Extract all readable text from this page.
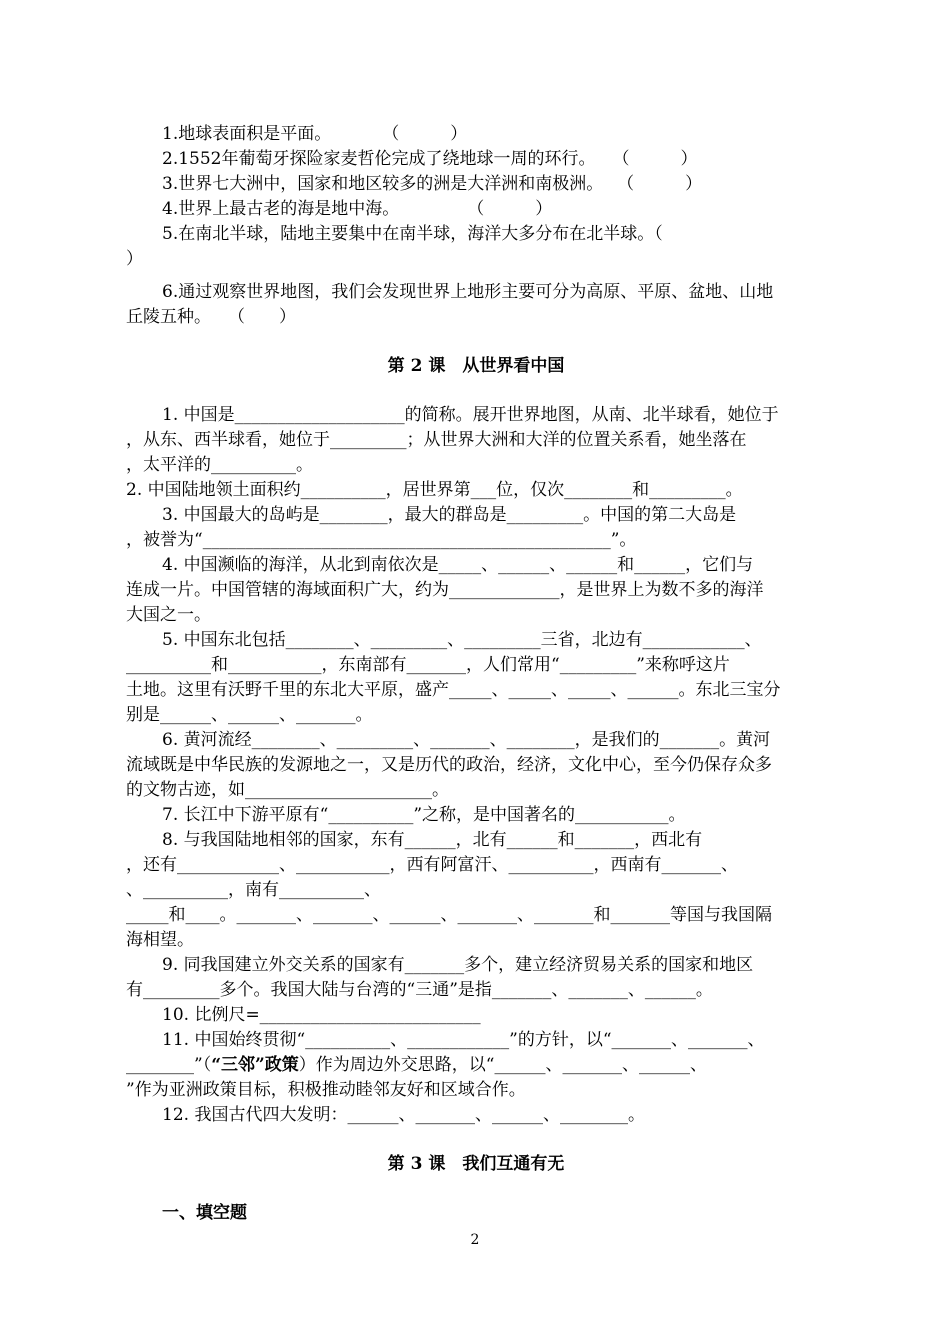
1.地球表面积是平面。　　　　（　　　）

2.1552年葡萄牙探险家麦哲伦完成了绕地球一周的环行。　　（　　　）

3.世界七大洲中，国家和地区较多的洲是大洋洲和南极洲。　 （　　　）

4.世界上最古老的海是地中海。　　　　　（　　　）

5.在南北半球，陆地主要集中在南半球，海洋大多分布在北半球。（

）

6.通过观察世界地图，我们会发现世界上地形主要可分为高原、平原、盆地、山地

丘陵五种。　　（　　）

第 2 课　从世界看中国

1. 中国是____________________的简称。展开世界地图，从南、北半球看，她位于

，从东、西半球看，她位于_________；从世界大洲和大洋的位置关系看，她坐落在

，太平洋的__________。

2. 中国陆地领土面积约__________，居世界第___位，仅次________和_________。

3. 中国最大的岛屿是________，最大的群岛是_________。中国的第二大岛是

，被誉为“________________________________________________”。

4. 中国濒临的海洋，从北到南依次是_____、______、______和______，它们与

连成一片。中国管辖的海域面积广大，约为_____________，是世界上为数不多的海洋

大国之一。

5. 中国东北包括________、_________、_________三省，北边有____________、

__________和___________，东南部有_______，人们常用“_________”来称呼这片

土地。这里有沃野千里的东北大平原，盛产_____、_____、_____、______。东北三宝分

别是______、______、_______。

6. 黄河流经________、_________、_______、________，是我们的_______。黄河

流域既是中华民族的发源地之一，又是历代的政治，经济，文化中心，至今仍保存众多

的文物古迹，如______________________。

7. 长江中下游平原有“__________”之称，是中国著名的___________。

8. 与我国陆地相邻的国家，东有______，北有______和_______，西北有

，还有____________、___________，西有阿富汗、__________，西南有_______、

、__________，南有__________、

_____和____。_______、_______、______、_______、_______和_______等国与我国隔

海相望。

9. 同我国建立外交关系的国家有_______多个，建立经济贸易关系的国家和地区

有_________多个。我国大陆与台湾的“三通”是指_______、_______、______。

10. 比例尺=__________________________

11. 中国始终贯彻“__________、____________”的方针，以“_______、_______、

________”（“三邻”政策）作为周边外交思路，以“______、_______、______、

”作为亚洲政策目标，积极推动睦邻友好和区域合作。

12. 我国古代四大发明：______、_______、______、________。

第 3 课　我们互通有无

一、填空题

2
